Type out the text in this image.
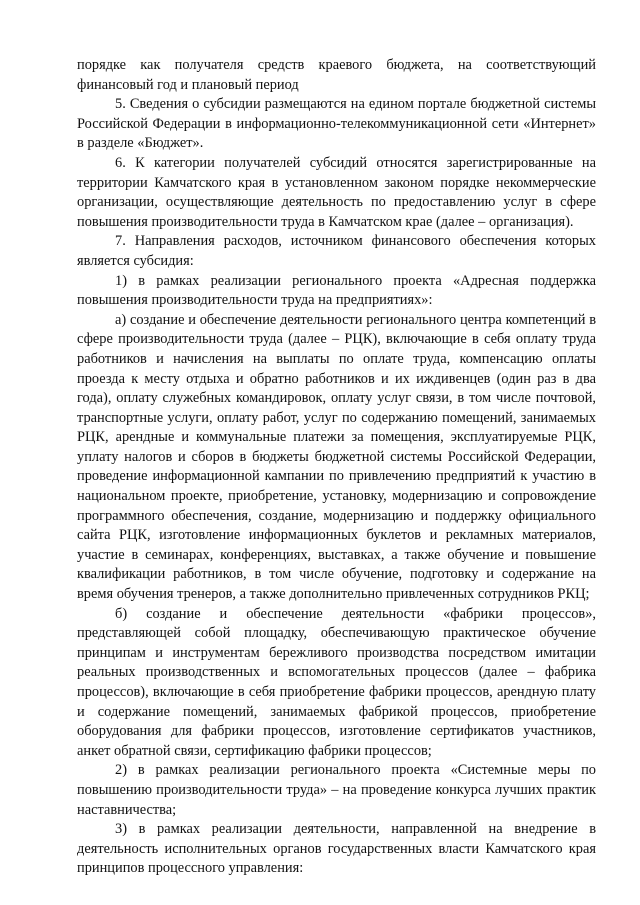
порядке как получателя средств краевого бюджета, на соответствующий финансовый год и плановый период

5. Сведения о субсидии размещаются на едином портале бюджетной системы Российской Федерации в информационно-телекоммуникационной сети «Интернет» в разделе «Бюджет».

6. К категории получателей субсидий относятся зарегистрированные на территории Камчатского края в установленном законом порядке некоммерческие организации, осуществляющие деятельность по предоставлению услуг в сфере повышения производительности труда в Камчатском крае (далее – организация).

7. Направления расходов, источником финансового обеспечения которых является субсидия:

1) в рамках реализации регионального проекта «Адресная поддержка повышения производительности труда на предприятиях»:

а) создание и обеспечение деятельности регионального центра компетенций в сфере производительности труда (далее – РЦК), включающие в себя оплату труда работников и начисления на выплаты по оплате труда, компенсацию оплаты проезда к месту отдыха и обратно работников и их иждивенцев (один раз в два года), оплату служебных командировок, оплату услуг связи, в том числе почтовой, транспортные услуги, оплату работ, услуг по содержанию помещений, занимаемых РЦК, арендные и коммунальные платежи за помещения, эксплуатируемые РЦК, уплату налогов и сборов в бюджеты бюджетной системы Российской Федерации, проведение информационной кампании по привлечению предприятий к участию в национальном проекте, приобретение, установку, модернизацию и сопровождение программного обеспечения, создание, модернизацию и поддержку официального сайта РЦК, изготовление информационных буклетов и рекламных материалов, участие в семинарах, конференциях, выставках, а также обучение и повышение квалификации работников, в том числе обучение, подготовку и содержание на время обучения тренеров, а также дополнительно привлеченных сотрудников РКЦ;

б) создание и обеспечение деятельности «фабрики процессов», представляющей собой площадку, обеспечивающую практическое обучение принципам и инструментам бережливого производства посредством имитации реальных производственных и вспомогательных процессов (далее – фабрика процессов), включающие в себя приобретение фабрики процессов, арендную плату и содержание помещений, занимаемых фабрикой процессов, приобретение оборудования для фабрики процессов, изготовление сертификатов участников, анкет обратной связи, сертификацию фабрики процессов;

2) в рамках реализации регионального проекта «Системные меры по повышению производительности труда» – на проведение конкурса лучших практик наставничества;

3) в рамках реализации деятельности, направленной на внедрение в деятельность исполнительных органов государственных власти Камчатского края принципов процессного управления:
